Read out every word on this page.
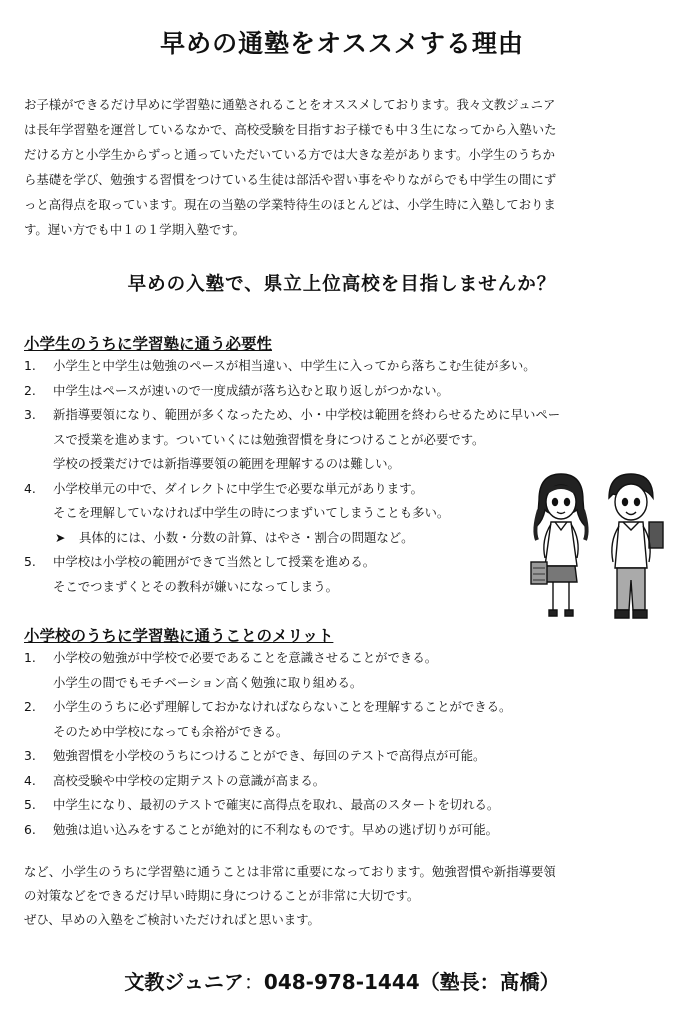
早めの通塾をオススメする理由

お子様ができるだけ早めに学習塾に通塾されることをオススメしております。我々文教ジュニア

は長年学習塾を運営しているなかで、高校受験を目指すお子様でも中３生になってから入塾いた

だける方と小学生からずっと通っていただいている方では大きな差があります。小学生のうちか

ら基礎を学び、勉強する習慣をつけている生徒は部活や習い事をやりながらでも中学生の間にず

っと高得点を取っています。現在の当塾の学業特待生のほとんどは、小学生時に入塾しておりま

す。遅い方でも中１の１学期入塾です。

早めの入塾で、県立上位高校を目指しませんか？
小学生のうちに学習塾に通う必要性
1.	小学生と中学生は勉強のペースが相当違い、中学生に入ってから落ちこむ生徒が多い。
2.	中学生はペースが速いので一度成績が落ち込むと取り返しがつかない。
3.	新指導要領になり、範囲が多くなったため、小・中学校は範囲を終わらせるために早いペー
スで授業を進めます。ついていくには勉強習慣を身につけることが必要です。
学校の授業だけでは新指導要領の範囲を理解するのは難しい。
4.	小学校単元の中で、ダイレクトに中学生で必要な単元があります。
そこを理解していなければ中学生の時につまずいてしまうことも多い。
➤ 具体的には、小数・分数の計算、はやさ・割合の問題など。
5.	中学校は小学校の範囲ができて当然として授業を進める。
そこでつまずくとその教科が嫌いになってしまう。
小学校のうちに学習塾に通うことのメリット
1.	小学校の勉強が中学校で必要であることを意識させることができる。
小学生の間でもモチベーション高く勉強に取り組める。
2.	小学生のうちに必ず理解しておかなければならないことを理解することができる。
そのため中学校になっても余裕ができる。
3.	勉強習慣を小学校のうちにつけることができ、毎回のテストで高得点が可能。
4.	高校受験や中学校の定期テストの意識が高まる。
5.	中学生になり、最初のテストで確実に高得点を取れ、最高のスタートを切れる。
6.	勉強は追い込みをすることが絶対的に不利なものです。早めの逃げ切りが可能。

など、小学生のうちに学習塾に通うことは非常に重要になっております。勉強習慣や新指導要領

の対策などをできるだけ早い時期に身につけることが非常に大切です。

ぜひ、早めの入塾をご検討いただければと思います。

文教ジュニア：048-978-1444（塾長：髙橋）
